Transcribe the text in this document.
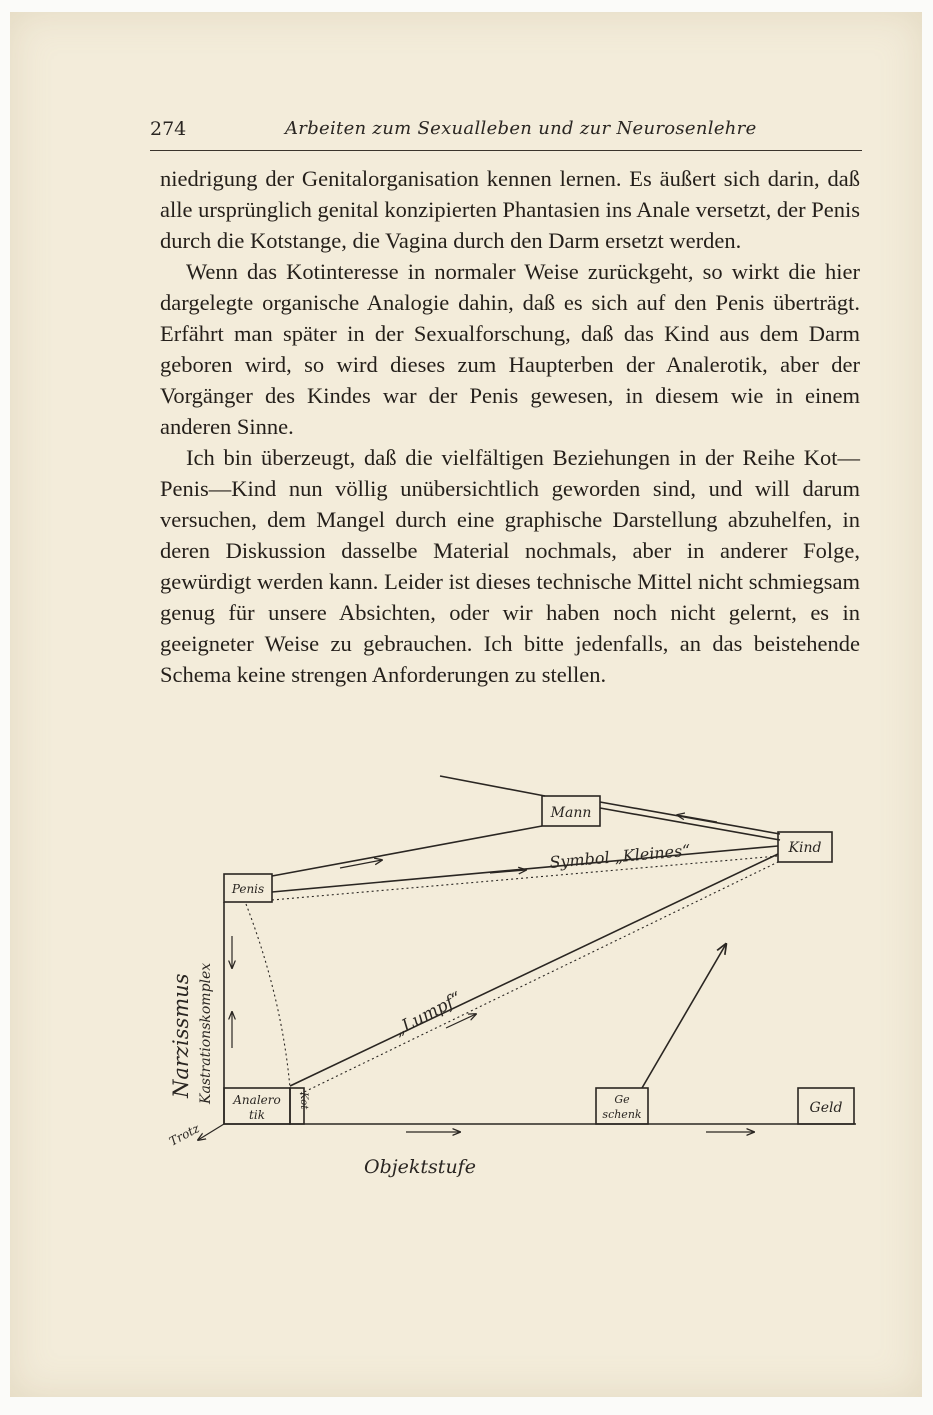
274	Arbeiten zum Sexualleben und zur Neurosenlehre

niedrigung der Genitalorganisation kennen lernen. Es äußert sich darin, daß alle ursprünglich genital konzipierten Phantasien ins Anale versetzt, der Penis durch die Kotstange, die Vagina durch den Darm ersetzt werden.

Wenn das Kotinteresse in normaler Weise zurückgeht, so wirkt die hier dargelegte organische Analogie dahin, daß es sich auf den Penis überträgt. Erfährt man später in der Sexualforschung, daß das Kind aus dem Darm geboren wird, so wird dieses zum Haupterben der Analerotik, aber der Vorgänger des Kindes war der Penis gewesen, in diesem wie in einem anderen Sinne.

Ich bin überzeugt, daß die vielfältigen Beziehungen in der Reihe Kot—Penis—Kind nun völlig unübersichtlich geworden sind, und will darum versuchen, dem Mangel durch eine graphische Darstellung abzuhelfen, in deren Diskussion dasselbe Material nochmals, aber in anderer Folge, gewürdigt werden kann. Leider ist dieses technische Mittel nicht schmiegsam genug für unsere Absichten, oder wir haben noch nicht gelernt, es in geeigneter Weise zu gebrauchen. Ich bitte jedenfalls, an das beistehende Schema keine strengen Anforderungen zu stellen.

Mann
Kind
Penis
Analero
tik
Kot	Ge
schenk	Geld
Symbol „Kleines“
„Lumpf“
Narzissmus Kastrationskomplex
Trotz
Objektstufe
